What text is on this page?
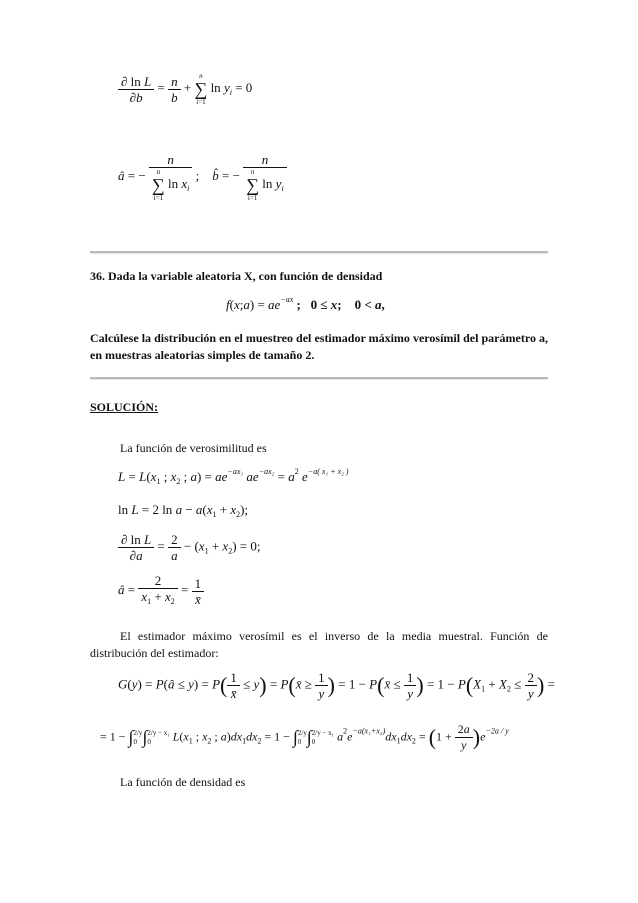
$\frac{\text{∂ ln L}}{\partial b} = \frac{n}{b}$ +
n
∑
i=1
$\ln y_i = 0$
â = − n
n
∑
i=1
$\ln x_i$ ;    b̂ = − n
n
∑
i=1
$\ln y_i$
36. Dada la variable aleatoria X, con función de densidad
f(x;a) = $ae^{-ax}$ ;   0 ≤ x;    0 < a,
Calcúlese la distribución en el muestreo del estimador máximo verosímil del parámetro a, en muestras aleatorias simples de tamaño 2.
SOLUCIÓN:
La función de verosimilitud es
$L = L(x_1$ ; $x_2$ ; $a) = ae^{-ax_1}$ $ae^{-ax_2} = a^2$ $e^{-a( x_1 + x_2 )}$
ln L = 2 $\ln a - a(x_1 + x_2)$;
$\frac{\text{∂ ln L}}{\partial a} = \frac{2}{a} - (x_1 + x_2) = 0$;
â = $\frac{2}{x_1 + x_2} = \frac{1}{x̄}$
El estimador máximo verosímil es el inverso de la media muestral. Función de distribución del estimador:
G(y) = P(â ≤ $y) = P( \frac{1}{x̄} \le y)$ = P(x̄ ≥ $\frac{1}{y}$ ) = 1 − P(x̄ ≤ $\frac{1}{y}$ ) = $1 - P(X_1 + X_2 \le \frac{2}{y}$ ) =
= 1 − ∫2/y
0 ∫2/y − x₁
0 $L(x_1$ ; $x_2$ ; $a)dx_1dx_2 = 1 - \int 2/y$
0 ∫2/y − x₁
0 $a^2e^{-a(x_1+x_2)}dx_1dx_2 = (1 + \frac{2a}{y} )e^{-2a / y}$
La función de densidad es
